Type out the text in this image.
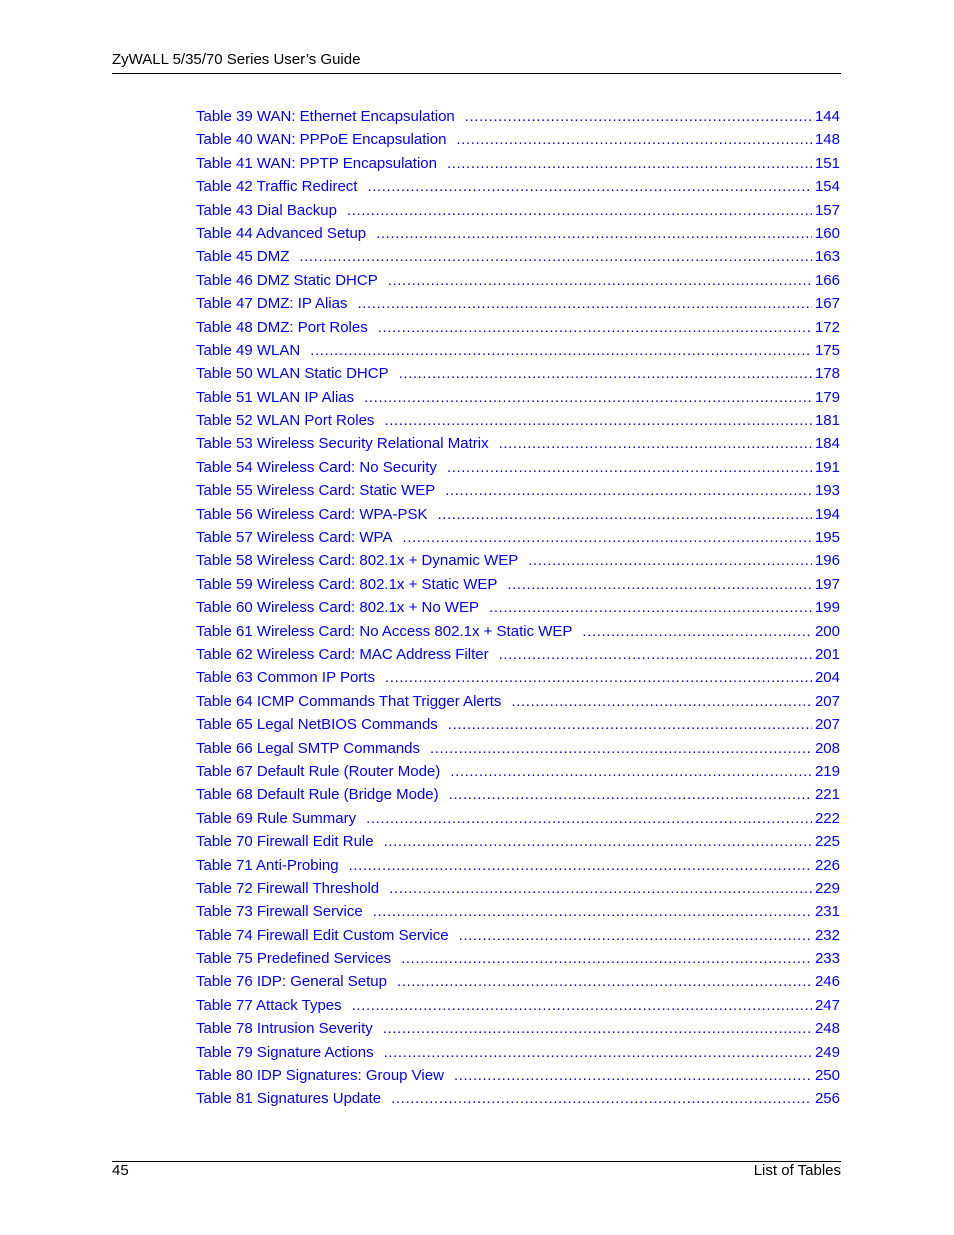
ZyWALL 5/35/70 Series User’s Guide
Table 39 WAN: Ethernet Encapsulation .....	144
Table 40 WAN: PPPoE Encapsulation .....	148
Table 41 WAN: PPTP Encapsulation .....	151
Table 42 Traffic Redirect .....	154
Table 43 Dial Backup .....	157
Table 44 Advanced Setup .....	160
Table 45 DMZ .....	163
Table 46 DMZ Static DHCP .....	166
Table 47 DMZ: IP Alias .....	167
Table 48 DMZ: Port Roles .....	172
Table 49 WLAN .....	175
Table 50 WLAN Static DHCP .....	178
Table 51 WLAN IP Alias .....	179
Table 52 WLAN Port Roles .....	181
Table 53 Wireless Security Relational Matrix .....	184
Table 54 Wireless Card: No Security .....	191
Table 55 Wireless Card: Static WEP .....	193
Table 56 Wireless Card: WPA-PSK .....	194
Table 57 Wireless Card: WPA .....	195
Table 58 Wireless Card: 802.1x + Dynamic WEP .....	196
Table 59 Wireless Card: 802.1x + Static WEP .....	197
Table 60 Wireless Card: 802.1x + No WEP .....	199
Table 61 Wireless Card: No Access 802.1x + Static WEP .....	200
Table 62 Wireless Card: MAC Address Filter .....	201
Table 63 Common IP Ports .....	204
Table 64 ICMP Commands That Trigger Alerts .....	207
Table 65 Legal NetBIOS Commands .....	207
Table 66 Legal SMTP Commands .....	208
Table 67 Default Rule (Router Mode) .....	219
Table 68 Default Rule (Bridge Mode) .....	221
Table 69 Rule Summary .....	222
Table 70 Firewall Edit Rule .....	225
Table 71 Anti-Probing .....	226
Table 72 Firewall Threshold .....	229
Table 73 Firewall Service .....	231
Table 74 Firewall Edit Custom Service .....	232
Table 75 Predefined Services .....	233
Table 76 IDP: General Setup .....	246
Table 77 Attack Types .....	247
Table 78 Intrusion Severity .....	248
Table 79 Signature Actions .....	249
Table 80 IDP Signatures: Group View .....	250
Table 81 Signatures Update .....	256
45	List of Tables
